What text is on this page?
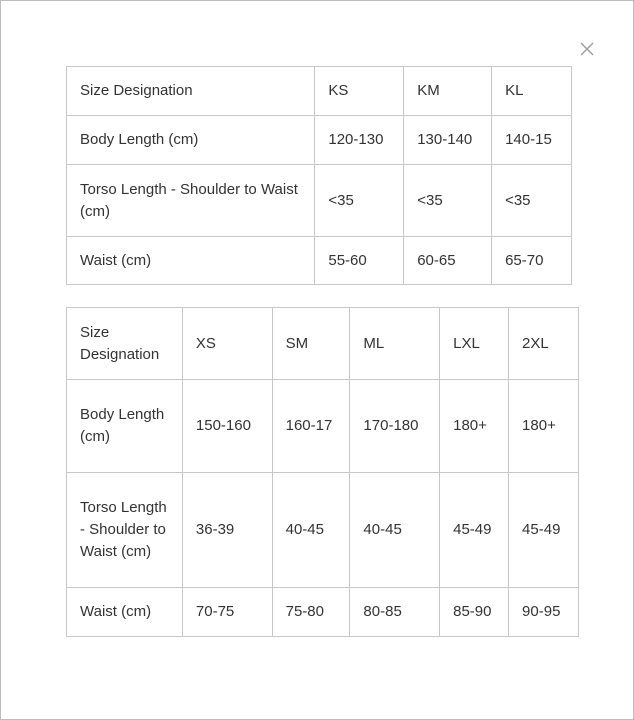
Size Designation	KS	KM	KL
Body Length (cm)	120-130	130-140	140-15
Torso Length - Shoulder to Waist (cm)	<35	<35	<35
Waist (cm)	55-60	60-65	65-70
Size Designation	XS	SM	ML	LXL	2XL
Body Length (cm)	150-160	160-17	170-180	180+	180+
Torso Length - Shoulder to Waist (cm)	36-39	40-45	40-45	45-49	45-49
Waist (cm)	70-75	75-80	80-85	85-90	90-95
